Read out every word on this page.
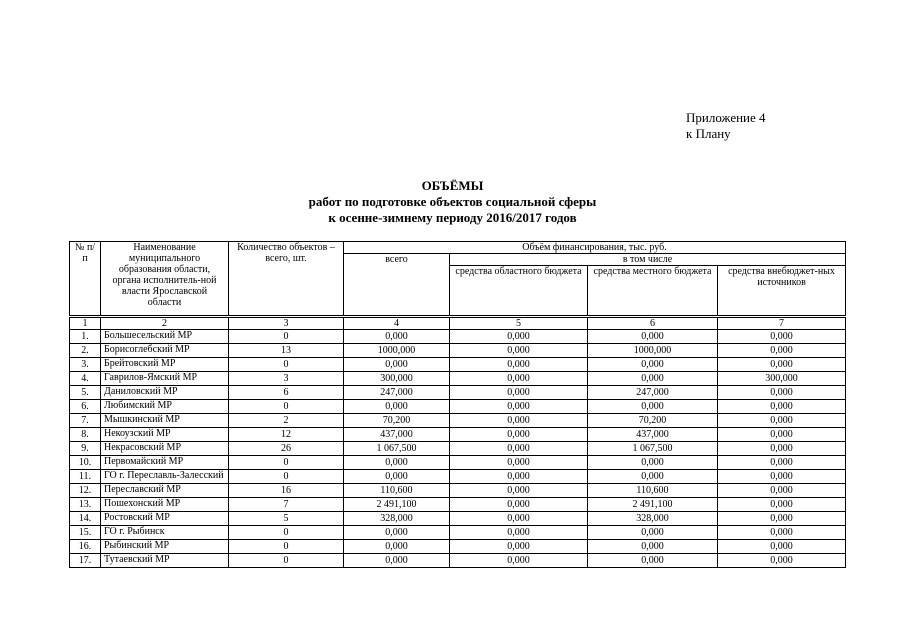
Приложение 4
к Плану
ОБЪЁМЫ
работ по подготовке объектов социальной сферы
к осенне-зимнему периоду 2016/2017 годов
№ п/п	Наименование муниципального образования области, органа исполнитель-ной власти Ярославской области	Количество объектов – всего, шт.	Объём финансирования, тыс. руб.			
			всего	в том числе		
				средства областного бюджета	средства местного бюджета	средства внебюджет-ных источников
1	2	3	4	5	6	7
1.	Большесельский МР	0	0,000	0,000	0,000	0,000
2.	Борисоглебский МР	13	1000,000	0,000	1000,000	0,000
3.	Брейтовский МР	0	0,000	0,000	0,000	0,000
4.	Гаврилов-Ямский МР	3	300,000	0,000	0,000	300,000
5.	Даниловский МР	6	247,000	0,000	247,000	0,000
6.	Любимский МР	0	0,000	0,000	0,000	0,000
7.	Мышкинский МР	2	70,200	0,000	70,200	0,000
8.	Некоузский МР	12	437,000	0,000	437,000	0,000
9.	Некрасовский МР	26	1 067,500	0,000	1 067,500	0,000
10.	Первомайский МР	0	0,000	0,000	0,000	0,000
11.	ГО г. Переславль-Залесский	0	0,000	0,000	0,000	0,000
12.	Переславский МР	16	110,600	0,000	110,600	0,000
13.	Пошехонский МР	7	2 491,100	0,000	2 491,100	0,000
14.	Ростовский МР	5	328,000	0,000	328,000	0,000
15.	ГО г. Рыбинск	0	0,000	0,000	0,000	0,000
16.	Рыбинский МР	0	0,000	0,000	0,000	0,000
17.	Тутаевский МР	0	0,000	0,000	0,000	0,000
